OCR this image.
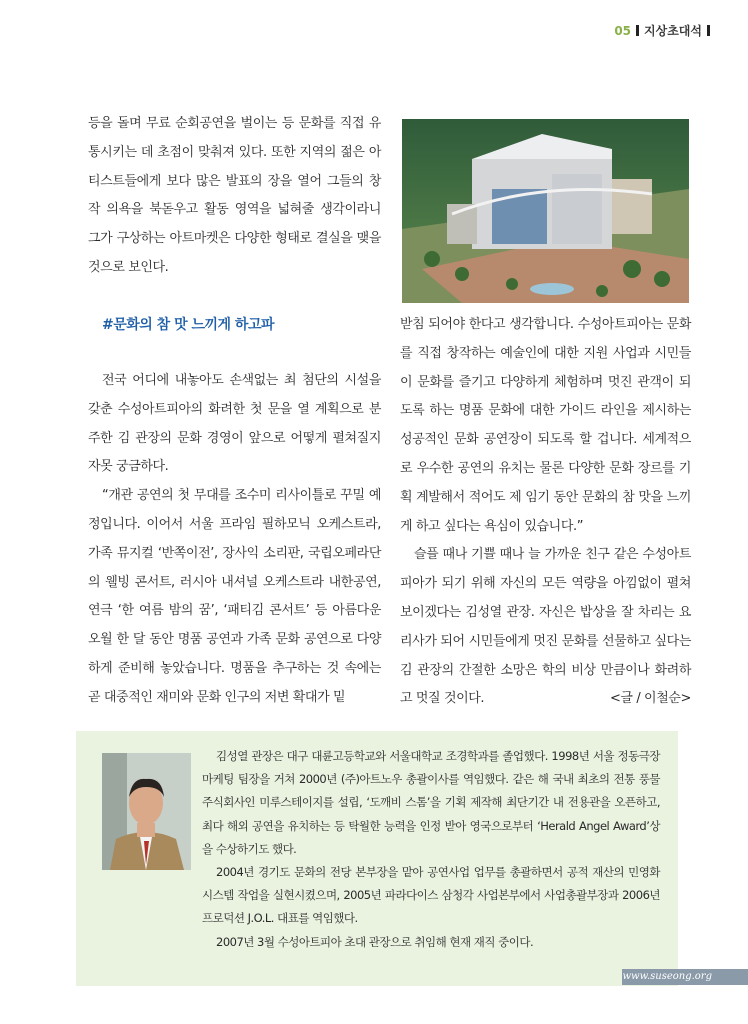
05 지상초대석

등을 돌며 무료 순회공연을 벌이는 등 문화를 직접 유통시키는 데 초점이 맞춰져 있다. 또한 지역의 젊은 아티스트들에게 보다 많은 발표의 장을 열어 그들의 창작 의욕을 북돋우고 활동 영역을 넓혀줄 생각이라니 그가 구상하는 아트마켓은 다양한 형태로 결실을 맺을 것으로 보인다.

#문화의 참 맛 느끼게 하고파

전국 어디에 내놓아도 손색없는 최 첨단의 시설을 갖춘 수성아트피아의 화려한 첫 문을 열 계획으로 분주한 김 관장의 문화 경영이 앞으로 어떻게 펼쳐질지 자못 궁금하다.

“개관 공연의 첫 무대를 조수미 리사이틀로 꾸밀 예정입니다. 이어서 서울 프라임 필하모닉 오케스트라, 가족 뮤지컬 ‘반쪽이전’, 장사익 소리판, 국립오페라단의 웰빙 콘서트, 러시아 내셔널 오케스트라 내한공연, 연극 ‘한 여름 밤의 꿈’, ‘패티김 콘서트’ 등 아름다운 오월 한 달 동안 명품 공연과 가족 문화 공연으로 다양하게 준비해 놓았습니다. 명품을 추구하는 것 속에는 곧 대중적인 재미와 문화 인구의 저변 확대가 밑

받침 되어야 한다고 생각합니다. 수성아트피아는 문화를 직접 창작하는 예술인에 대한 지원 사업과 시민들이 문화를 즐기고 다양하게 체험하며 멋진 관객이 되도록 하는 명품 문화에 대한 가이드 라인을 제시하는 성공적인 문화 공연장이 되도록 할 겁니다. 세계적으로 우수한 공연의 유치는 물론 다양한 문화 장르를 기획 계발해서 적어도 제 임기 동안 문화의 참 맛을 느끼게 하고 싶다는 욕심이 있습니다.”

슬플 때나 기쁠 때나 늘 가까운 친구 같은 수성아트피아가 되기 위해 자신의 모든 역량을 아낌없이 펼쳐 보이겠다는 김성열 관장. 자신은 밥상을 잘 차리는 요리사가 되어 시민들에게 멋진 문화를 선물하고 싶다는 김 관장의 간절한 소망은 학의 비상 만큼이나 화려하고 멋질 것이다.	<글 / 이철순>

김성열 관장은 대구 대륜고등학교와 서울대학교 조경학과를 졸업했다. 1998년 서울 정동극장 마케팅 팀장을 거쳐 2000년 (주)아트노우 총괄이사를 역임했다. 같은 해 국내 최초의 전통 풍물 주식회사인 미루스테이지를 설립, ‘도깨비 스톰’을 기획 제작해 최단기간 내 전용관을 오픈하고, 최다 해외 공연을 유치하는 등 탁월한 능력을 인정 받아 영국으로부터 ‘Herald Angel Award’상을 수상하기도 했다.

2004년 경기도 문화의 전당 본부장을 맡아 공연사업 업무를 총괄하면서 공적 재산의 민영화 시스템 작업을 실현시켰으며, 2005년 파라다이스 삼청각 사업본부에서 사업총괄부장과 2006년 프로덕션 J.O.L. 대표를 역임했다.

2007년 3월 수성아트피아 초대 관장으로 취임해 현재 재직 중이다.

www.suseong.org
